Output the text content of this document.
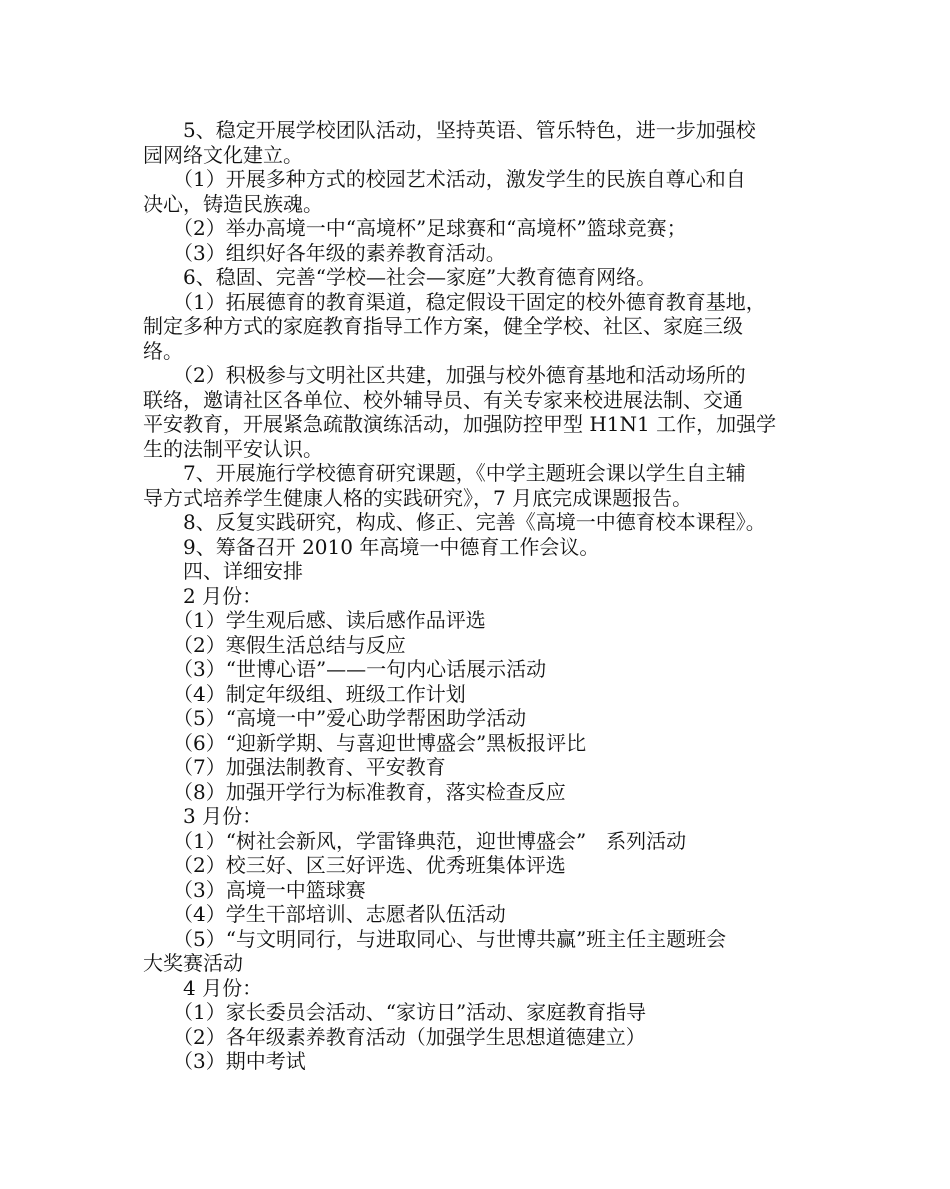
　　5、稳定开展学校团队活动，坚持英语、管乐特色，进一步加强校
园网络文化建立。
　　（1）开展多种方式的校园艺术活动，激发学生的民族自尊心和自
决心，铸造民族魂。
　　（2）举办高境一中“高境杯”足球赛和“高境杯”篮球竞赛；
　　（3）组织好各年级的素养教育活动。
　　6、稳固、完善“学校—社会—家庭”大教育德育网络。
　　（1）拓展德育的教育渠道，稳定假设干固定的校外德育教育基地，
制定多种方式的家庭教育指导工作方案，健全学校、社区、家庭三级
络。
　　（2）积极参与文明社区共建，加强与校外德育基地和活动场所的
联络，邀请社区各单位、校外辅导员、有关专家来校进展法制、交通
平安教育，开展紧急疏散演练活动，加强防控甲型 H1N1 工作，加强学
生的法制平安认识。
　　7、开展施行学校德育研究课题，《中学主题班会课以学生自主辅
导方式培养学生健康人格的实践研究》，7 月底完成课题报告。
　　8、反复实践研究，构成、修正、完善《高境一中德育校本课程》。
　　9、筹备召开 2010 年高境一中德育工作会议。
　　四、详细安排
　　2 月份：
　　（1）学生观后感、读后感作品评选
　　（2）寒假生活总结与反应
　　（3）“世博心语”——一句内心话展示活动
　　（4）制定年级组、班级工作计划
　　（5）“高境一中”爱心助学帮困助学活动
　　（6）“迎新学期、与喜迎世博盛会”黑板报评比
　　（7）加强法制教育、平安教育
　　（8）加强开学行为标准教育，落实检查反应
　　3 月份：
　　（1）“树社会新风，学雷锋典范，迎世博盛会”　系列活动
　　（2）校三好、区三好评选、优秀班集体评选
　　（3）高境一中篮球赛
　　（4）学生干部培训、志愿者队伍活动
　　（5）“与文明同行，与进取同心、与世博共赢”班主任主题班会
大奖赛活动
　　4 月份：
　　（1）家长委员会活动、“家访日”活动、家庭教育指导
　　（2）各年级素养教育活动（加强学生思想道德建立）
　　（3）期中考试
